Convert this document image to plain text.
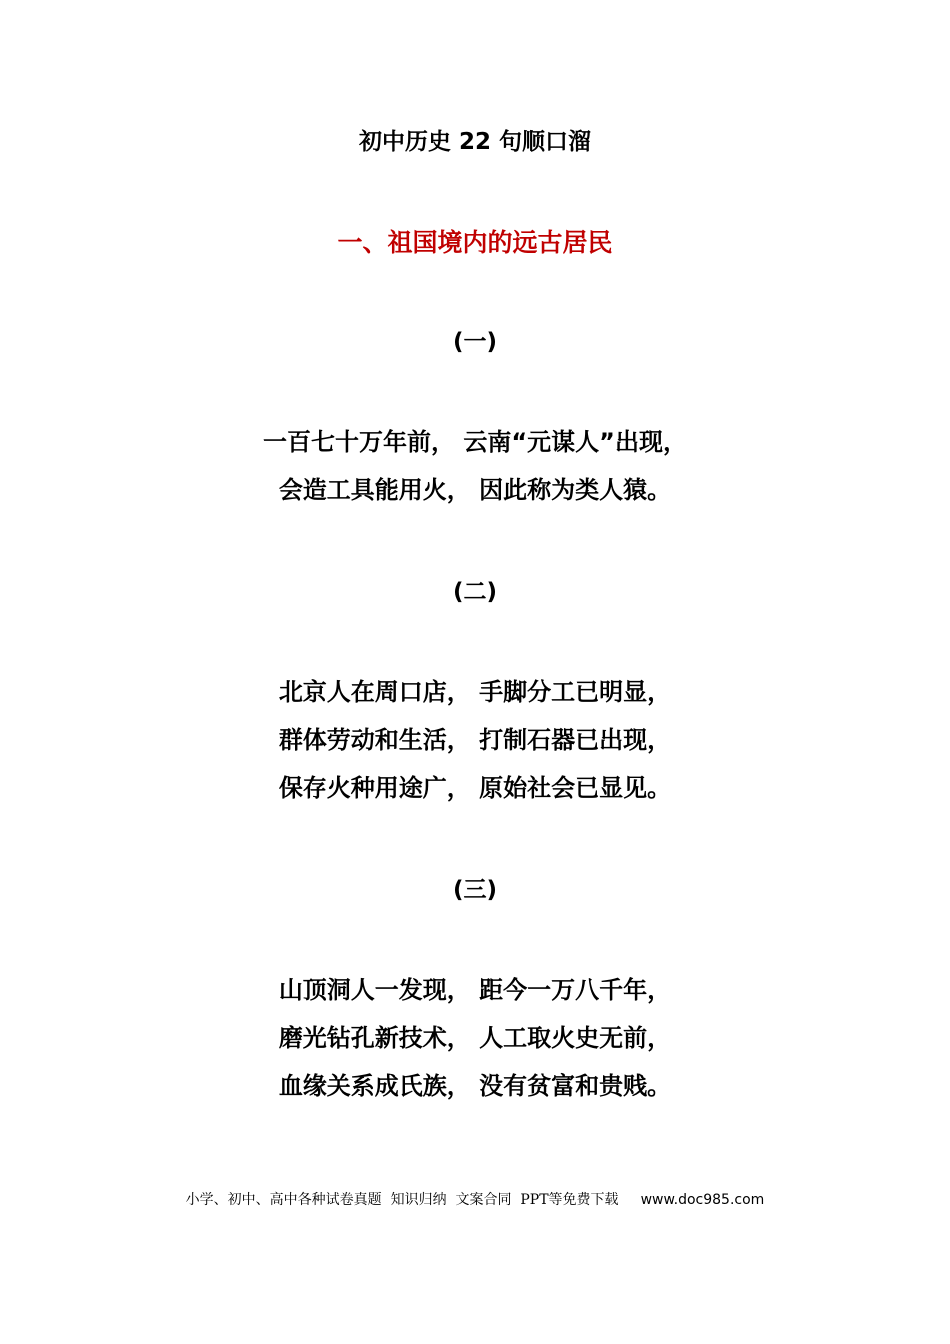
初中历史 22 句顺口溜
一、祖国境内的远古居民
(一)
一百七十万年前， 云南“元谋人”出现，
会造工具能用火， 因此称为类人猿。
(二)
北京人在周口店， 手脚分工已明显，
群体劳动和生活， 打制石器已出现，
保存火种用途广， 原始社会已显见。
(三)
山顶洞人一发现， 距今一万八千年，
磨光钻孔新技术， 人工取火史无前，
血缘关系成氏族， 没有贫富和贵贱。
小学、初中、高中各种试卷真题  知识归纳  文案合同  PPT等免费下载 www.doc985.com
